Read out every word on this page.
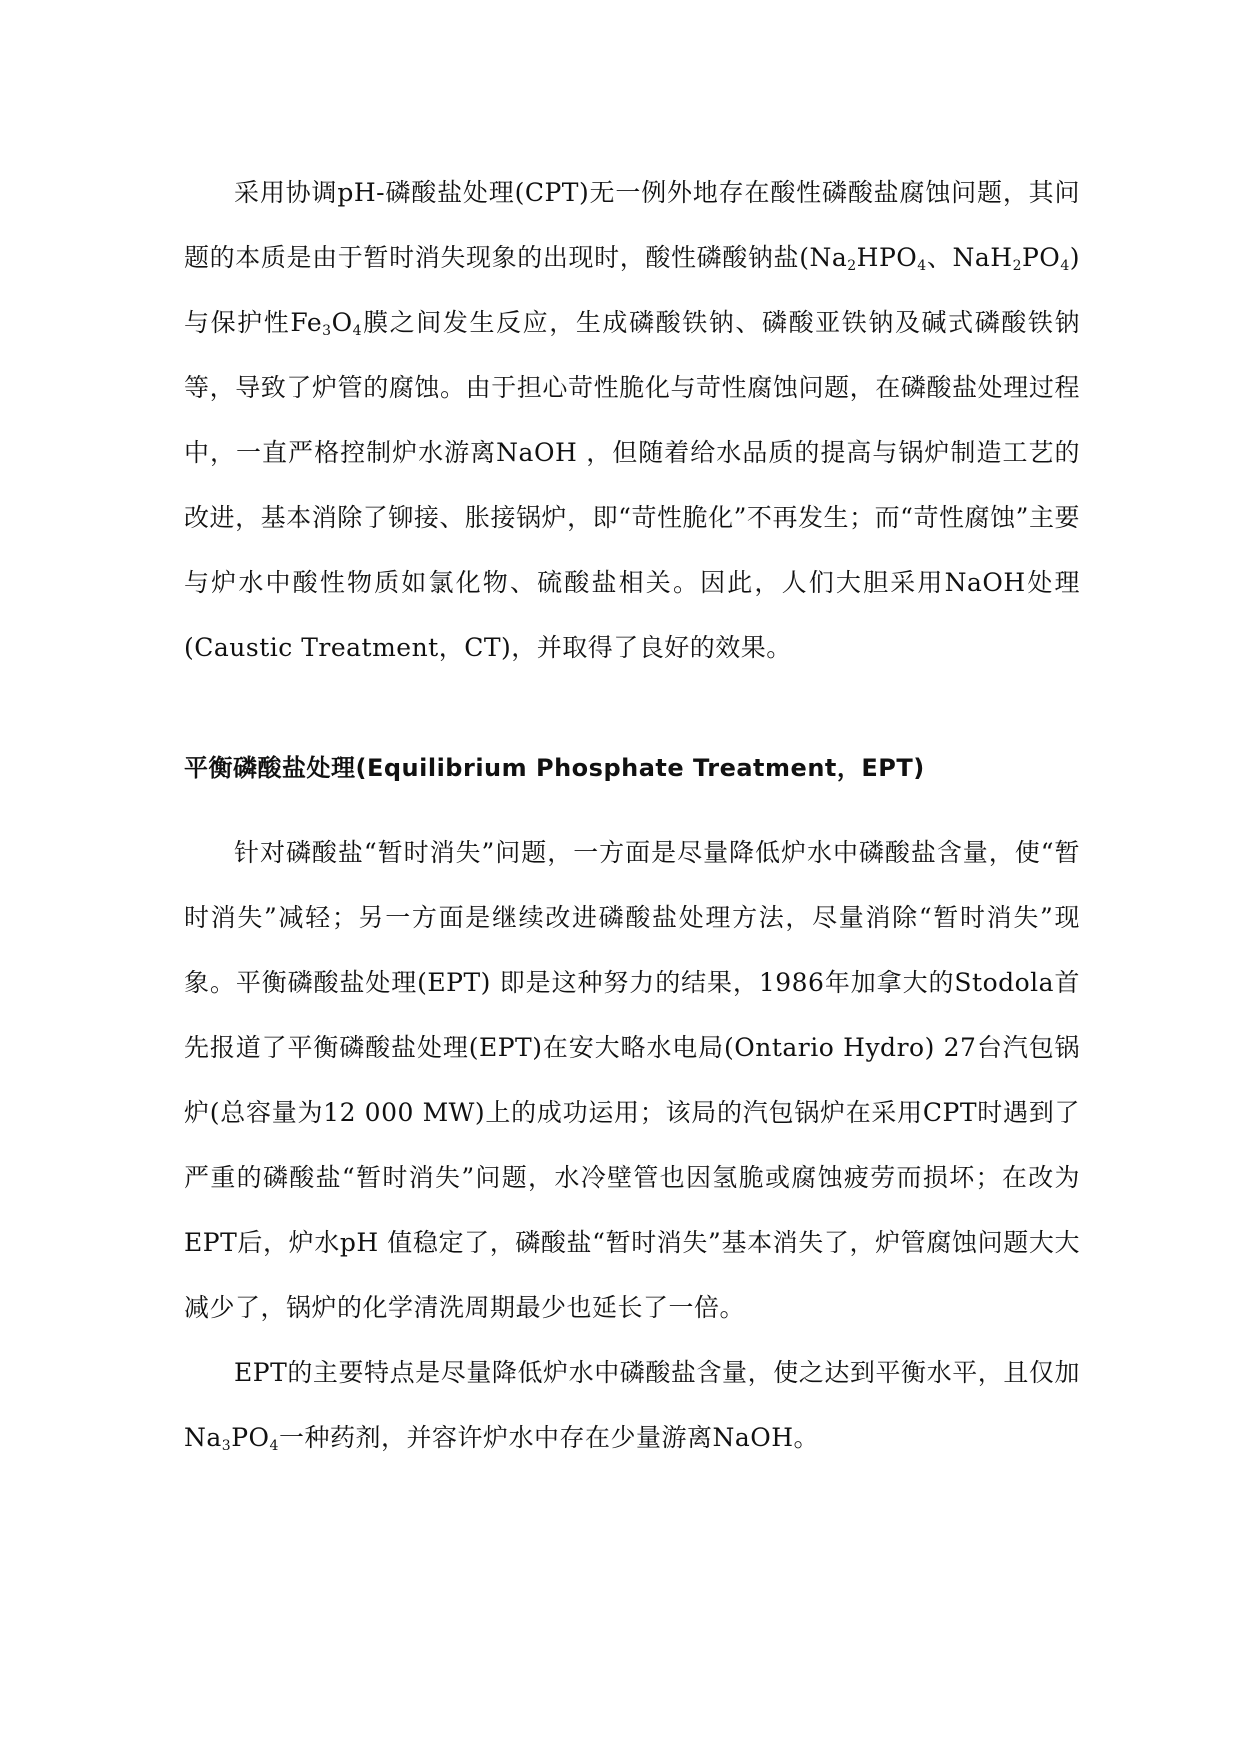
采用协调pH-磷酸盐处理(CPT)无一例外地存在酸性磷酸盐腐蚀问题，其问题的本质是由于暂时消失现象的出现时，酸性磷酸钠盐($Na_2HPO_4$、$NaH_2PO_4$)与保护性$Fe_3O_4$膜之间发生反应，生成磷酸铁钠、磷酸亚铁钠及碱式磷酸铁钠等，导致了炉管的腐蚀。由于担心苛性脆化与苛性腐蚀问题，在磷酸盐处理过程中，一直严格控制炉水游离NaOH ，但随着给水品质的提高与锅炉制造工艺的改进，基本消除了铆接、胀接锅炉，即“苛性脆化”不再发生；而“苛性腐蚀”主要与炉水中酸性物质如氯化物、硫酸盐相关。因此，人们大胆采用NaOH处理(Caustic Treatment，CT)，并取得了良好的效果。

平衡磷酸盐处理(Equilibrium Phosphate Treatment，EPT)

针对磷酸盐“暂时消失”问题，一方面是尽量降低炉水中磷酸盐含量，使“暂时消失”减轻；另一方面是继续改进磷酸盐处理方法，尽量消除“暂时消失”现象。平衡磷酸盐处理(EPT) 即是这种努力的结果，1986年加拿大的Stodola首先报道了平衡磷酸盐处理(EPT)在安大略水电局(Ontario Hydro) 27台汽包锅炉(总容量为12 000 MW)上的成功运用；该局的汽包锅炉在采用CPT时遇到了严重的磷酸盐“暂时消失”问题，水冷壁管也因氢脆或腐蚀疲劳而损坏；在改为EPT后，炉水pH 值稳定了，磷酸盐“暂时消失”基本消失了，炉管腐蚀问题大大减少了，锅炉的化学清洗周期最少也延长了一倍。

EPT的主要特点是尽量降低炉水中磷酸盐含量，使之达到平衡水平，且仅加$Na_3PO_4$一种药剂，并容许炉水中存在少量游离NaOH。
